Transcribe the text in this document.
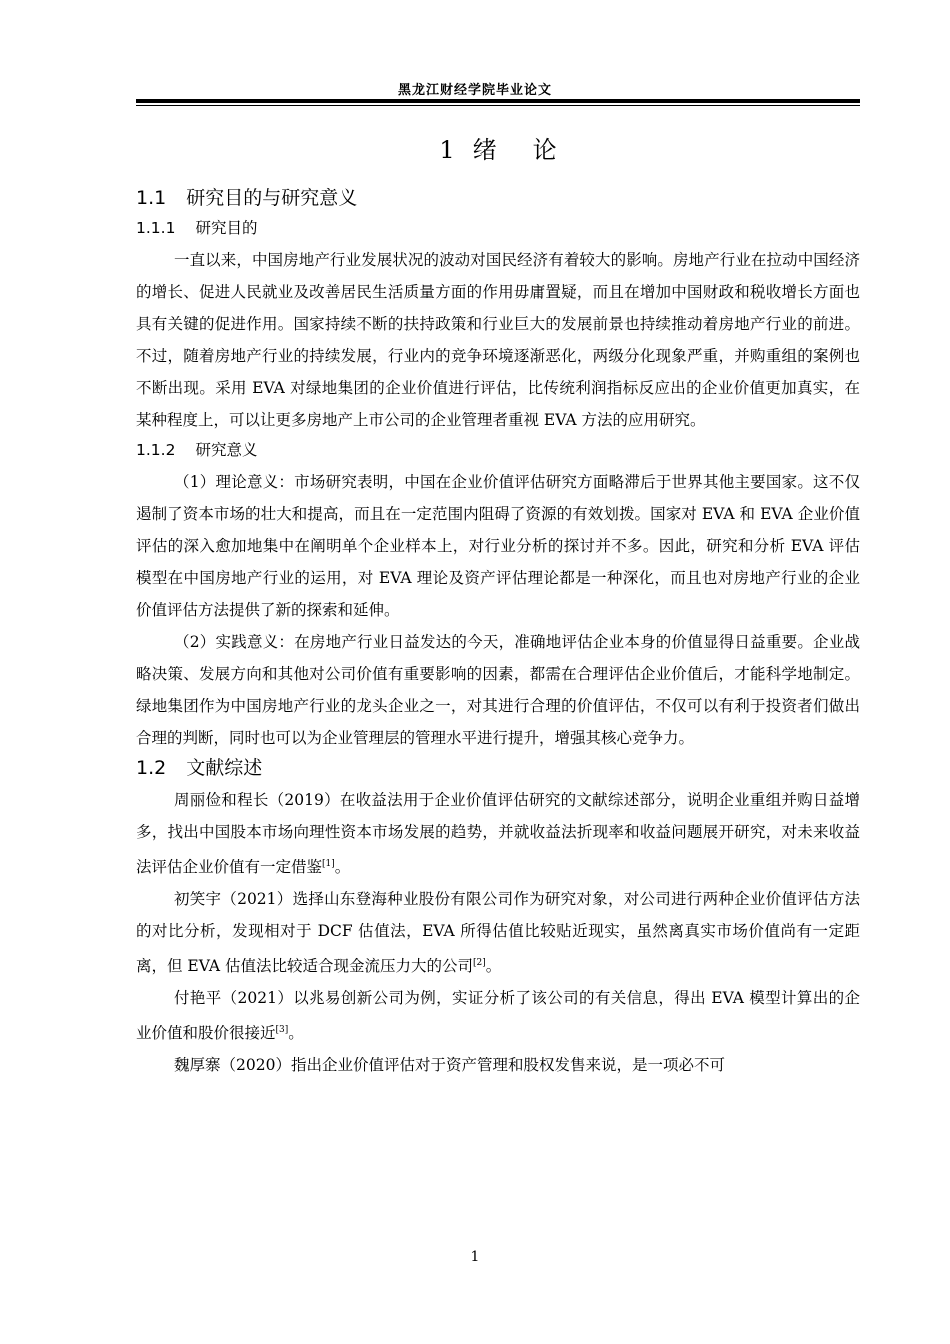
黑龙江财经学院毕业论文
1 绪 论
1.1 研究目的与研究意义
1.1.1 研究目的

一直以来，中国房地产行业发展状况的波动对国民经济有着较大的影响。房地产行业在拉动中国经济的增长、促进人民就业及改善居民生活质量方面的作用毋庸置疑，而且在增加中国财政和税收增长方面也具有关键的促进作用。国家持续不断的扶持政策和行业巨大的发展前景也持续推动着房地产行业的前进。不过，随着房地产行业的持续发展，行业内的竞争环境逐渐恶化，两级分化现象严重，并购重组的案例也不断出现。采用 EVA 对绿地集团的企业价值进行评估，比传统利润指标反应出的企业价值更加真实，在某种程度上，可以让更多房地产上市公司的企业管理者重视 EVA 方法的应用研究。

1.1.2 研究意义

（1）理论意义：市场研究表明，中国在企业价值评估研究方面略滞后于世界其他主要国家。这不仅遏制了资本市场的壮大和提高，而且在一定范围内阻碍了资源的有效划拨。国家对 EVA 和 EVA 企业价值评估的深入愈加地集中在阐明单个企业样本上，对行业分析的探讨并不多。因此，研究和分析 EVA 评估模型在中国房地产行业的运用，对 EVA 理论及资产评估理论都是一种深化，而且也对房地产行业的企业价值评估方法提供了新的探索和延伸。

（2）实践意义：在房地产行业日益发达的今天，准确地评估企业本身的价值显得日益重要。企业战略决策、发展方向和其他对公司价值有重要影响的因素，都需在合理评估企业价值后，才能科学地制定。绿地集团作为中国房地产行业的龙头企业之一，对其进行合理的价值评估，不仅可以有利于投资者们做出合理的判断，同时也可以为企业管理层的管理水平进行提升，增强其核心竞争力。

1.2 文献综述

周丽俭和程长（2019）在收益法用于企业价值评估研究的文献综述部分，说明企业重组并购日益增多，找出中国股本市场向理性资本市场发展的趋势，并就收益法折现率和收益问题展开研究，对未来收益法评估企业价值有一定借鉴[1]。

初笑宇（2021）选择山东登海种业股份有限公司作为研究对象，对公司进行两种企业价值评估方法的对比分析，发现相对于 DCF 估值法，EVA 所得估值比较贴近现实，虽然离真实市场价值尚有一定距离，但 EVA 估值法比较适合现金流压力大的公司[2]。

付艳平（2021）以兆易创新公司为例，实证分析了该公司的有关信息，得出 EVA 模型计算出的企业价值和股价很接近[3]。

魏厚寨（2020）指出企业价值评估对于资产管理和股权发售来说，是一项必不可

1
